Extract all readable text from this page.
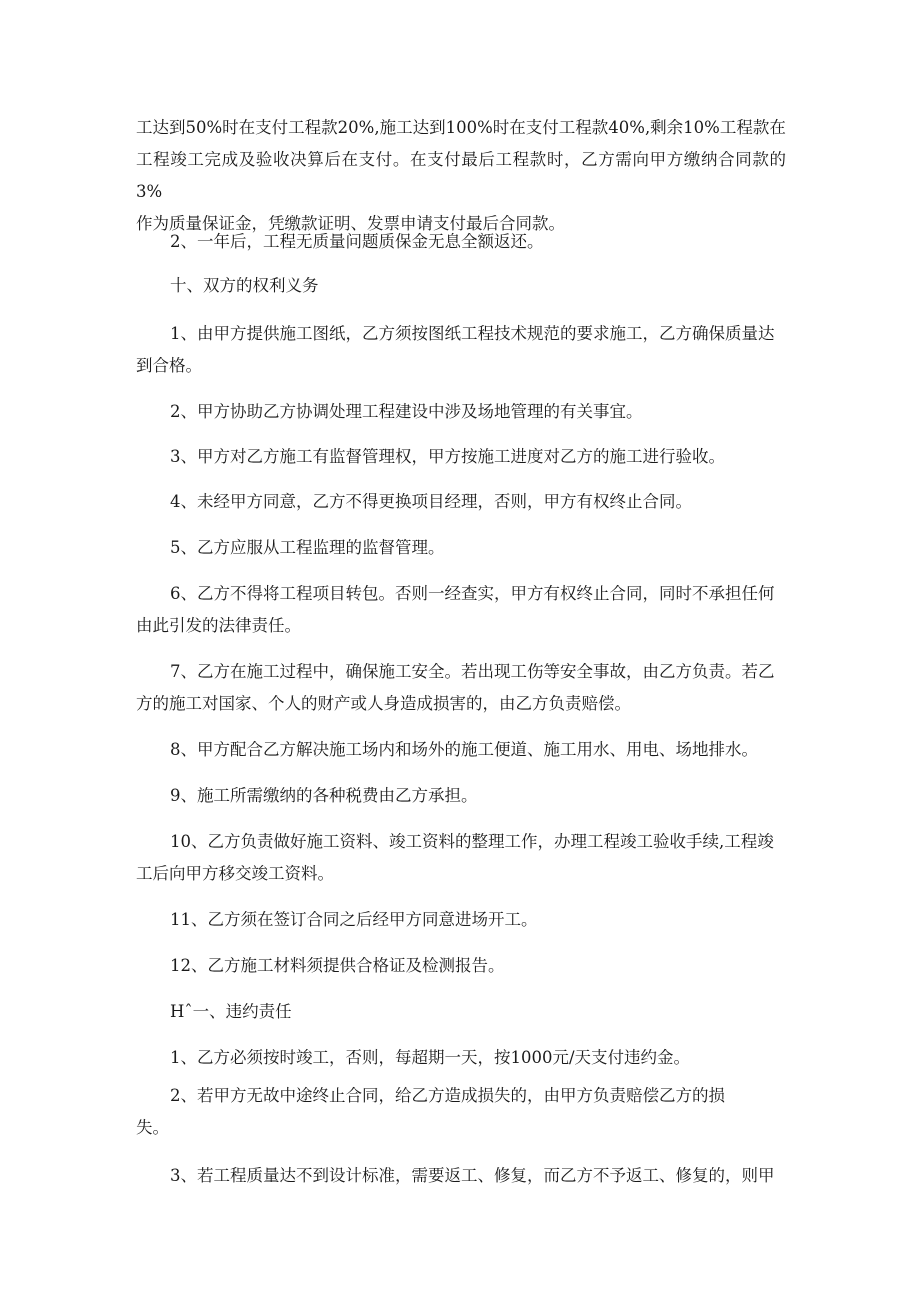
工达到50%时在支付工程款20%,施工达到100%时在支付工程款40%,剩余10%工程款在
工程竣工完成及验收决算后在支付。在支付最后工程款时，乙方需向甲方缴纳合同款的3%
作为质量保证金，凭缴款证明、发票申请支付最后合同款。

2、一年后，工程无质量问题质保金无息全额返还。

十、双方的权利义务

1、由甲方提供施工图纸，乙方须按图纸工程技术规范的要求施工，乙方确保质量达
到合格。

2、甲方协助乙方协调处理工程建设中涉及场地管理的有关事宜。

3、甲方对乙方施工有监督管理权，甲方按施工进度对乙方的施工进行验收。

4、未经甲方同意，乙方不得更换项目经理，否则，甲方有权终止合同。

5、乙方应服从工程监理的监督管理。

6、乙方不得将工程项目转包。否则一经查实，甲方有权终止合同，同时不承担任何
由此引发的法律责任。

7、乙方在施工过程中，确保施工安全。若出现工伤等安全事故，由乙方负责。若乙
方的施工对国家、个人的财产或人身造成损害的，由乙方负责赔偿。

8、甲方配合乙方解决施工场内和场外的施工便道、施工用水、用电、场地排水。

9、施工所需缴纳的各种税费由乙方承担。

10、乙方负责做好施工资料、竣工资料的整理工作，办理工程竣工验收手续,工程竣
工后向甲方移交竣工资料。

11、乙方须在签订合同之后经甲方同意进场开工。

12、乙方施工材料须提供合格证及检测报告。

Hˆ一、违约责任

1、乙方必须按时竣工，否则，每超期一天，按1000元/天支付违约金。

2、若甲方无故中途终止合同，给乙方造成损失的，由甲方负责赔偿乙方的损
失。

3、若工程质量达不到设计标准，需要返工、修复，而乙方不予返工、修复的，则甲
